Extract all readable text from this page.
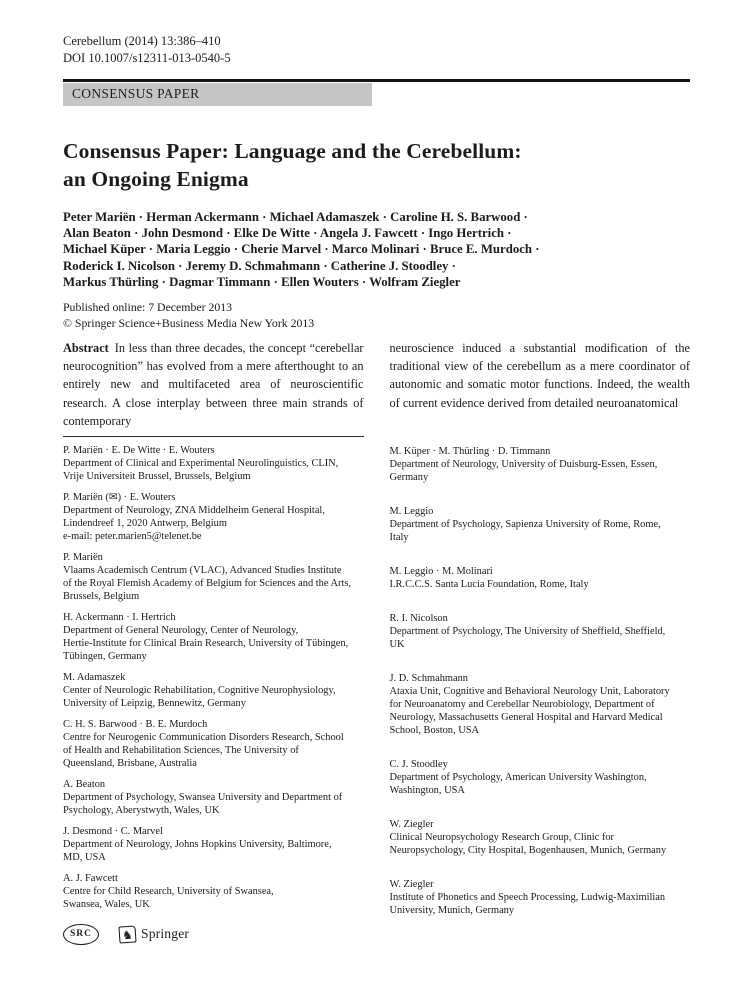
Cerebellum (2014) 13:386–410
DOI 10.1007/s12311-013-0540-5
CONSENSUS PAPER
Consensus Paper: Language and the Cerebellum:
an Ongoing Enigma
Peter Mariën · Herman Ackermann · Michael Adamaszek · Caroline H. S. Barwood ·
Alan Beaton · John Desmond · Elke De Witte · Angela J. Fawcett · Ingo Hertrich ·
Michael Küper · Maria Leggio · Cherie Marvel · Marco Molinari · Bruce E. Murdoch ·
Roderick I. Nicolson · Jeremy D. Schmahmann · Catherine J. Stoodley ·
Markus Thürling · Dagmar Timmann · Ellen Wouters · Wolfram Ziegler
Published online: 7 December 2013
© Springer Science+Business Media New York 2013
Abstract In less than three decades, the concept “cerebellar neurocognition” has evolved from a mere afterthought to an entirely new and multifaceted area of neuroscientific research. A close interplay between three main strands of contemporary
neuroscience induced a substantial modification of the traditional view of the cerebellum as a mere coordinator of autonomic and somatic motor functions. Indeed, the wealth of current evidence derived from detailed neuroanatomical
P. Mariën · E. De Witte · E. Wouters
Department of Clinical and Experimental Neurolinguistics, CLIN,
Vrije Universiteit Brussel, Brussels, Belgium
P. Mariën (✉) · E. Wouters
Department of Neurology, ZNA Middelheim General Hospital,
Lindendreef 1, 2020 Antwerp, Belgium
e-mail: peter.marien5@telenet.be
P. Mariën
Vlaams Academisch Centrum (VLAC), Advanced Studies Institute
of the Royal Flemish Academy of Belgium for Sciences and the Arts,
Brussels, Belgium
H. Ackermann · I. Hertrich
Department of General Neurology, Center of Neurology,
Hertie-Institute for Clinical Brain Research, University of Tübingen,
Tübingen, Germany
M. Adamaszek
Center of Neurologic Rehabilitation, Cognitive Neurophysiology,
University of Leipzig, Bennewitz, Germany
C. H. S. Barwood · B. E. Murdoch
Centre for Neurogenic Communication Disorders Research, School
of Health and Rehabilitation Sciences, The University of
Queensland, Brisbane, Australia
A. Beaton
Department of Psychology, Swansea University and Department of
Psychology, Aberystwyth, Wales, UK
J. Desmond · C. Marvel
Department of Neurology, Johns Hopkins University, Baltimore,
MD, USA
A. J. Fawcett
Centre for Child Research, University of Swansea,
Swansea, Wales, UK
M. Küper · M. Thürling · D. Timmann
Department of Neurology, University of Duisburg-Essen, Essen,
Germany
M. Leggio
Department of Psychology, Sapienza University of Rome, Rome,
Italy
M. Leggio · M. Molinari
I.R.C.C.S. Santa Lucia Foundation, Rome, Italy
R. I. Nicolson
Department of Psychology, The University of Sheffield, Sheffield,
UK
J. D. Schmahmann
Ataxia Unit, Cognitive and Behavioral Neurology Unit, Laboratory
for Neuroanatomy and Cerebellar Neurobiology, Department of
Neurology, Massachusetts General Hospital and Harvard Medical
School, Boston, USA
C. J. Stoodley
Department of Psychology, American University Washington,
Washington, USA
W. Ziegler
Clinical Neuropsychology Research Group, Clinic for
Neuropsychology, City Hospital, Bogenhausen, Munich, Germany
W. Ziegler
Institute of Phonetics and Speech Processing, Ludwig-Maximilian
University, Munich, Germany
SRC	♞ Springer
